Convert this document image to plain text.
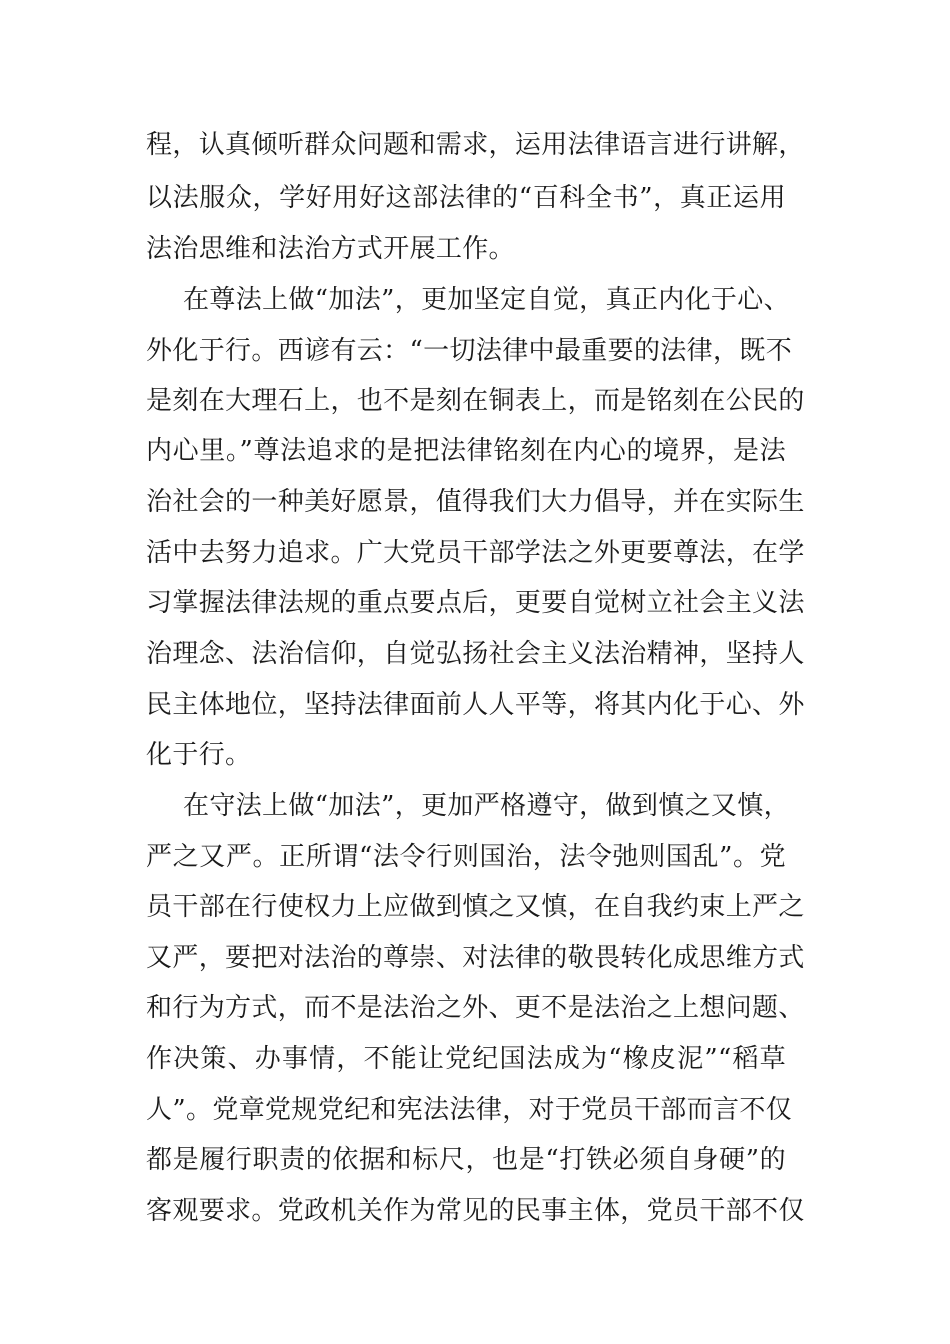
程，认真倾听群众问题和需求，运用法律语言进行讲解，
以法服众，学好用好这部法律的“百科全书”，真正运用
法治思维和法治方式开展工作。
在尊法上做“加法”，更加坚定自觉，真正内化于心、
外化于行。西谚有云：“一切法律中最重要的法律，既不
是刻在大理石上，也不是刻在铜表上，而是铭刻在公民的
内心里。”尊法追求的是把法律铭刻在内心的境界，是法
治社会的一种美好愿景，值得我们大力倡导，并在实际生
活中去努力追求。广大党员干部学法之外更要尊法，在学
习掌握法律法规的重点要点后，更要自觉树立社会主义法
治理念、法治信仰，自觉弘扬社会主义法治精神，坚持人
民主体地位，坚持法律面前人人平等，将其内化于心、外
化于行。
在守法上做“加法”，更加严格遵守，做到慎之又慎，
严之又严。正所谓“法令行则国治，法令弛则国乱”。党
员干部在行使权力上应做到慎之又慎，在自我约束上严之
又严，要把对法治的尊崇、对法律的敬畏转化成思维方式
和行为方式，而不是法治之外、更不是法治之上想问题、
作决策、办事情，不能让党纪国法成为“橡皮泥”“稻草
人”。党章党规党纪和宪法法律，对于党员干部而言不仅
都是履行职责的依据和标尺，也是“打铁必须自身硬”的
客观要求。党政机关作为常见的民事主体，党员干部不仅
